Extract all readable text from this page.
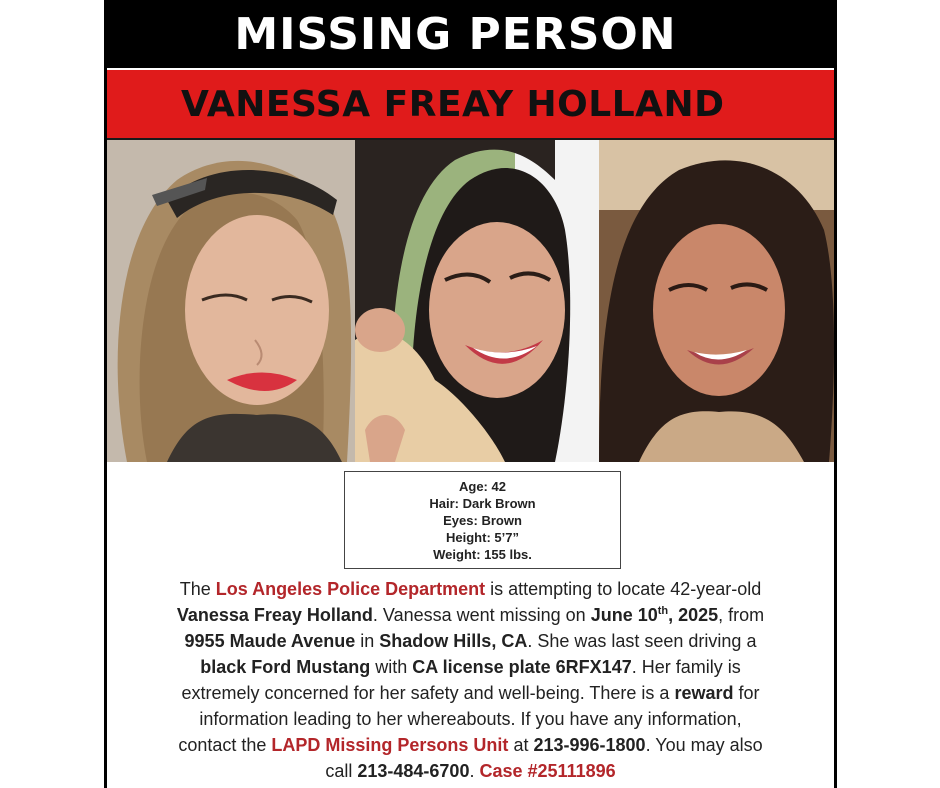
MISSING PERSON
VANESSA FREAY HOLLAND
Age: 42
Hair: Dark Brown
Eyes: Brown
Height: 5’7”
Weight: 155 lbs.
The Los Angeles Police Department is attempting to locate 42-year-old
Vanessa Freay Holland. Vanessa went missing on June 10th, 2025, from
9955 Maude Avenue in Shadow Hills, CA. She was last seen driving a
black Ford Mustang with CA license plate 6RFX147. Her family is
extremely concerned for her safety and well-being. There is a reward for
information leading to her whereabouts. If you have any information,
contact the LAPD Missing Persons Unit at 213-996-1800. You may also
call 213-484-6700. Case #25111896
